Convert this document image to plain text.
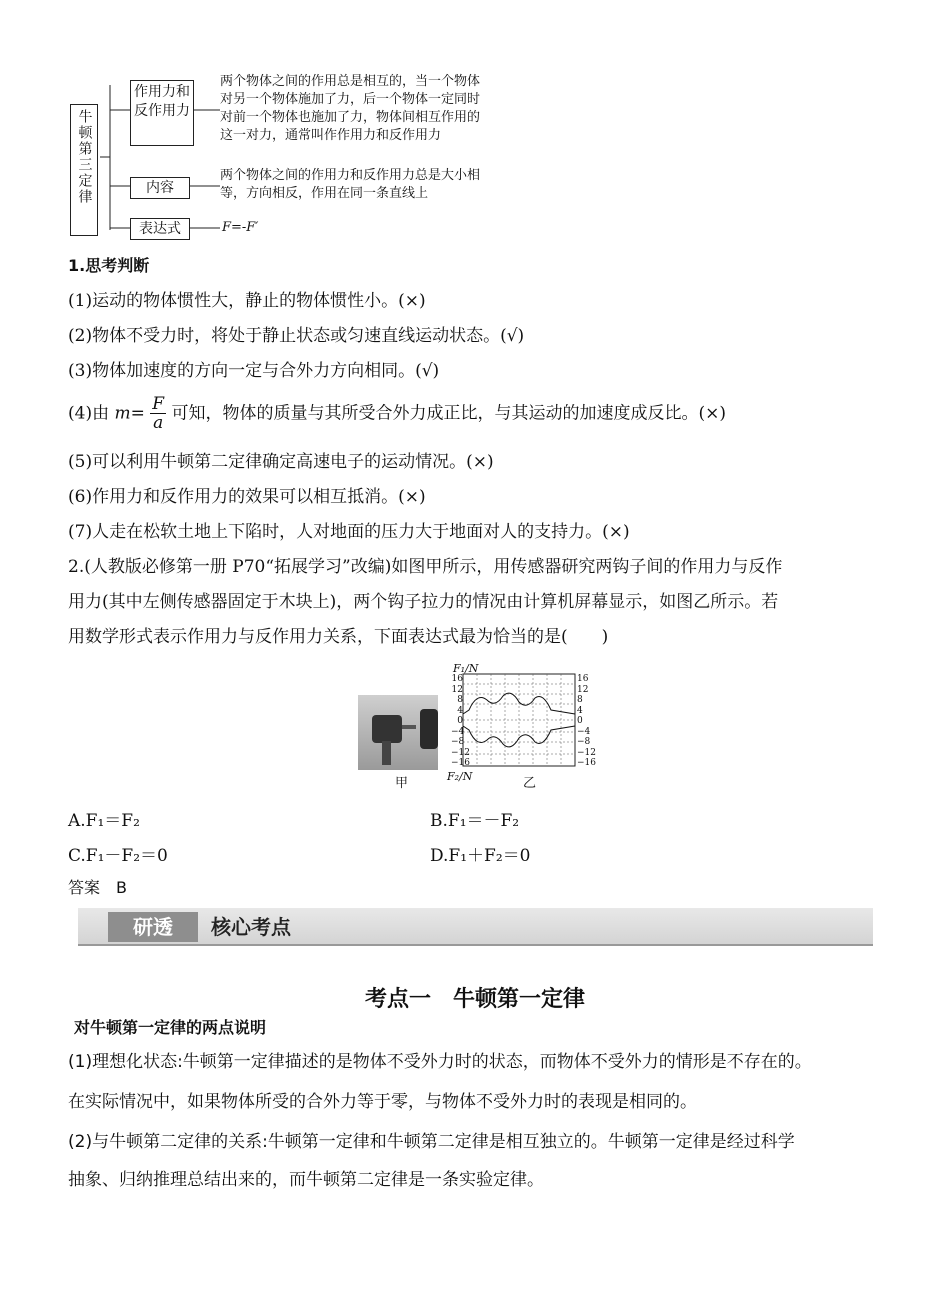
牛顿第三定律
作用力和反作用力
内容
表达式
两个物体之间的作用总是相互的，当一个物体
对另一个物体施加了力，后一个物体一定同时
对前一个物体也施加了力，物体间相互作用的
这一对力，通常叫作作用力和反作用力
两个物体之间的作用力和反作用力总是大小相
等，方向相反，作用在同一条直线上
F=-F′
1.思考判断
(1)运动的物体惯性大，静止的物体惯性小。(×)
(2)物体不受力时，将处于静止状态或匀速直线运动状态。(√)
(3)物体加速度的方向一定与合外力方向相同。(√)
(4)由 $m= \frac{F}{a}$ 可知，物体的质量与其所受合外力成正比，与其运动的加速度成反比。(×)
(5)可以利用牛顿第二定律确定高速电子的运动情况。(×)
(6)作用力和反作用力的效果可以相互抵消。(×)
(7)人走在松软土地上下陷时，人对地面的压力大于地面对人的支持力。(×)
2.(人教版必修第一册 P70“拓展学习”改编)如图甲所示，用传感器研究两钩子间的作用力与反作
用力(其中左侧传感器固定于木块上)，两个钩子拉力的情况由计算机屏幕显示，如图乙所示。若
用数学形式表示作用力与反作用力关系，下面表达式最为恰当的是(　　)
F₁/N
F₂/N
16
12
8
4
0
−4
−8
−12
−16
16
12
8
4
0
−4
−8
−12
−16
甲	乙
A.F₁＝F₂	B.F₁＝－F₂
C.F₁－F₂＝0	D.F₁＋F₂＝0
答案　B
研透	核心考点
考点一　牛顿第一定律
对牛顿第一定律的两点说明
(1)理想化状态:牛顿第一定律描述的是物体不受外力时的状态，而物体不受外力的情形是不存在的。
在实际情况中，如果物体所受的合外力等于零，与物体不受外力时的表现是相同的。
(2)与牛顿第二定律的关系:牛顿第一定律和牛顿第二定律是相互独立的。牛顿第一定律是经过科学
抽象、归纳推理总结出来的，而牛顿第二定律是一条实验定律。
